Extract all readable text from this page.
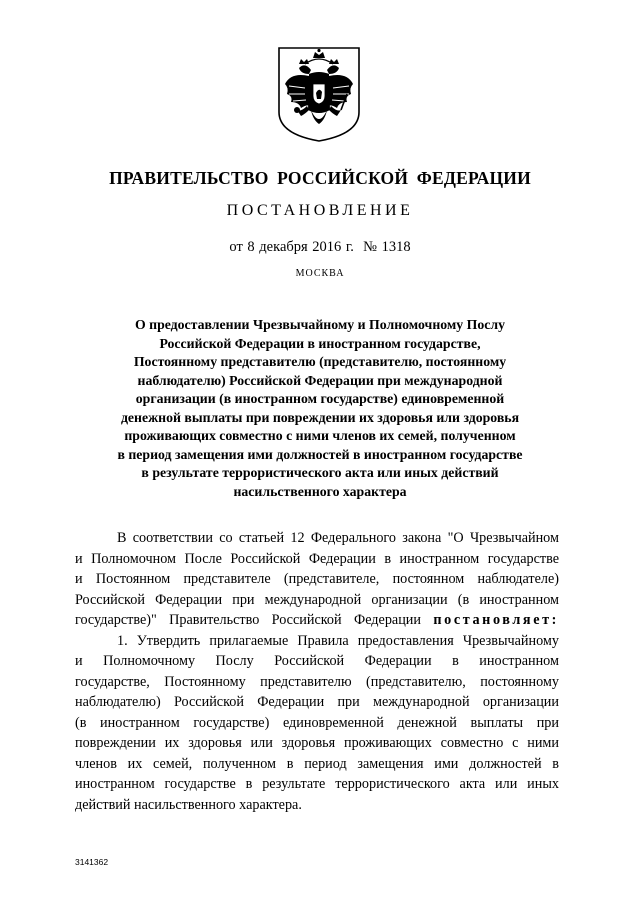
ПРАВИТЕЛЬСТВО РОССИЙСКОЙ ФЕДЕРАЦИИ
ПОСТАНОВЛЕНИЕ
от 8 декабря 2016 г.  № 1318
МОСКВА
О предоставлении Чрезвычайному и Полномочному Послу
Российской Федерации в иностранном государстве,
Постоянному представителю (представителю, постоянному
наблюдателю) Российской Федерации при международной
организации (в иностранном государстве) единовременной
денежной выплаты при повреждении их здоровья или здоровья
проживающих совместно с ними членов их семей, полученном
в период замещения ими должностей в иностранном государстве
в результате террористического акта или иных действий
насильственного характера
В соответствии со статьей 12 Федерального закона "О Чрезвычайном
и Полномочном После Российской Федерации в иностранном государстве
и Постоянном представителе (представителе, постоянном наблюдателе)
Российской Федерации при международной организации (в иностранном
государстве)" Правительство Российской Федерации постановляет:
1. Утвердить прилагаемые Правила предоставления Чрезвычайному
и Полномочному Послу Российской Федерации в иностранном
государстве, Постоянному представителю (представителю, постоянному
наблюдателю) Российской Федерации при международной организации
(в иностранном государстве) единовременной денежной выплаты при
повреждении их здоровья или здоровья проживающих совместно с ними
членов их семей, полученном в период замещения ими должностей в
иностранном государстве в результате террористического акта или иных
действий насильственного характера.
3141362
